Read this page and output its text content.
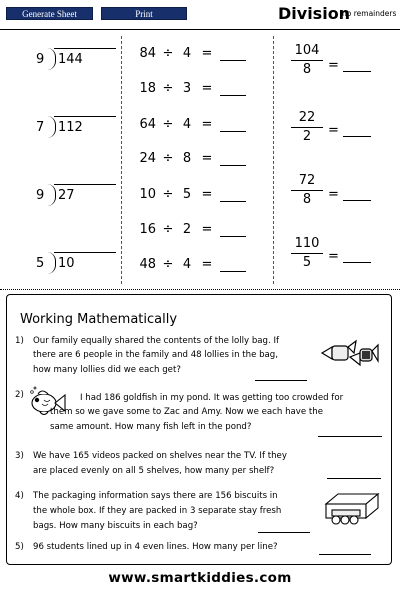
Generate Sheet	Print	Division
no remainders
9 144
7 112
9 27
5 10
84 ÷ 4 =
18 ÷ 3 =
64 ÷ 4 =
24 ÷ 8 =
10 ÷ 5 =
16 ÷ 2 =
48 ÷ 4 =
104
8	=
22
2	=
72
8	=
110
5	=
Working Mathematically
1) Our family equally shared the contents of the lolly bag. If
there are 6 people in the family and 48 lollies in the bag,
how many lollies did we each get?
2)	I had 186 goldfish in my pond. It was getting too crowded for
them so we gave some to Zac and Amy. Now we each have the
same amount. How many fish left in the pond?
3) We have 165 videos packed on shelves near the TV. If they
are placed evenly on all 5 shelves, how many per shelf?
4) The packaging information says there are 156 biscuits in
the whole box. If they are packed in 3 separate stay fresh
bags. How many biscuits in each bag?
5) 96 students lined up in 4 even lines. How many per line?
www.smartkiddies.com
